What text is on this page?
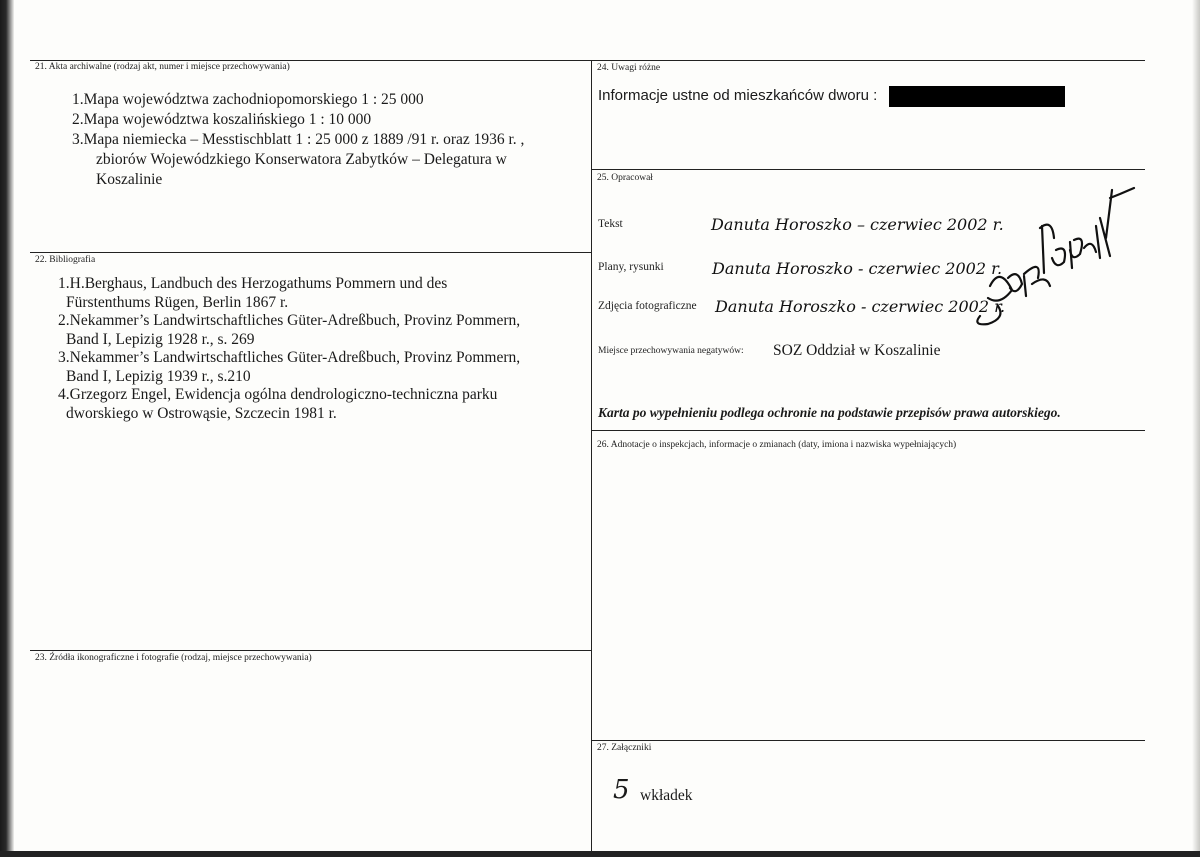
21. Akta archiwalne (rodzaj akt, numer i miejsce przechowywania)
1.Mapa województwa zachodniopomorskiego 1 : 25 000
2.Mapa województwa koszalińskiego 1 : 10 000
3.Mapa niemiecka – Messtischblatt 1 : 25 000 z 1889 /91 r. oraz 1936 r. ,
zbiorów Wojewódzkiego Konserwatora Zabytków – Delegatura w
Koszalinie
22. Bibliografia
1.H.Berghaus, Landbuch des Herzogathums Pommern und des
Fürstenthums Rügen, Berlin 1867 r.
2.Nekammer’s Landwirtschaftliches Güter-Adreßbuch, Provinz Pommern,
Band I, Lepizig 1928 r., s. 269
3.Nekammer’s Landwirtschaftliches Güter-Adreßbuch, Provinz Pommern,
Band I, Lepizig 1939 r., s.210
4.Grzegorz Engel, Ewidencja ogólna dendrologiczno-techniczna parku
dworskiego w Ostrowąsie, Szczecin 1981 r.
23. Źródła ikonograficzne i fotografie (rodzaj, miejsce przechowywania)
24. Uwagi różne
Informacje ustne od mieszkańców dworu :
25. Opracował
Tekst	Danuta Horoszko – czerwiec 2002 r.
Plany, rysunki	Danuta Horoszko - czerwiec 2002 r.
Zdjęcia fotograficzne Danuta Horoszko - czerwiec 2002 r.
Miejsce przechowywania negatywów: SOZ Oddział w Koszalinie
Karta po wypełnieniu podlega ochronie na podstawie przepisów prawa autorskiego.
26. Adnotacje o inspekcjach, informacje o zmianach (daty, imiona i nazwiska wypełniających)
27. Załączniki
5 wkładek
